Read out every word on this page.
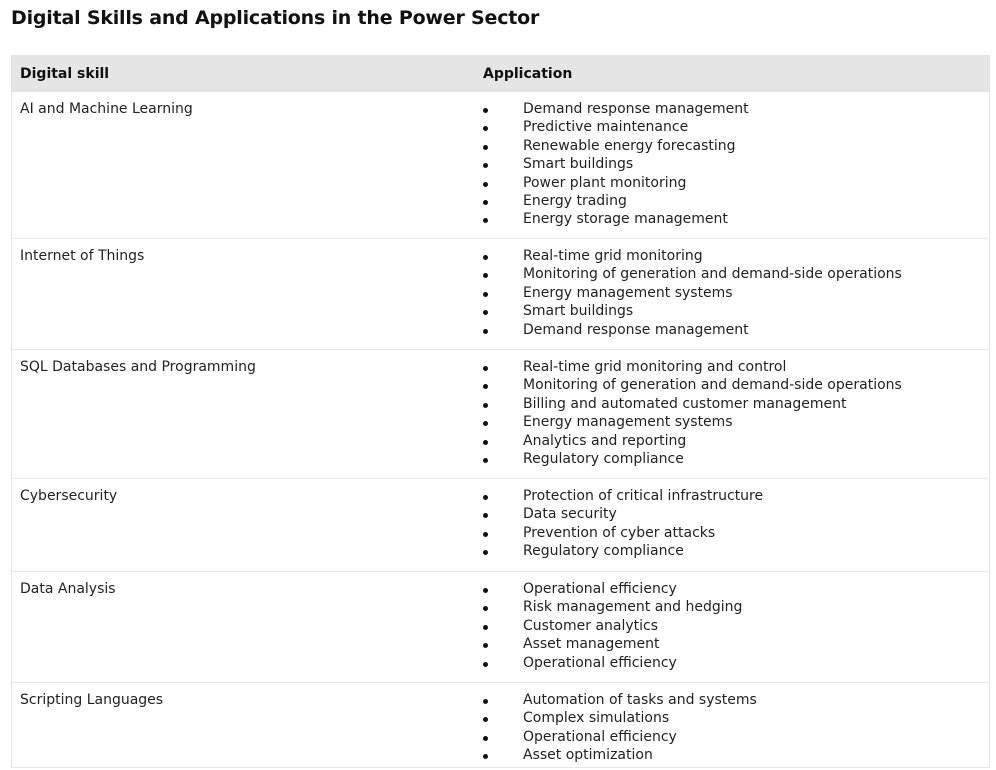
Digital Skills and Applications in the Power Sector
Digital skill	Application
AI and Machine Learning	Demand response management
Predictive maintenance
Renewable energy forecasting
Smart buildings
Power plant monitoring
Energy trading
Energy storage management
Internet of Things	Real-time grid monitoring
Monitoring of generation and demand-side operations
Energy management systems
Smart buildings
Demand response management
SQL Databases and Programming	Real-time grid monitoring and control
Monitoring of generation and demand-side operations
Billing and automated customer management
Energy management systems
Analytics and reporting
Regulatory compliance
Cybersecurity	Protection of critical infrastructure
Data security
Prevention of cyber attacks
Regulatory compliance
Data Analysis	Operational efficiency
Risk management and hedging
Customer analytics
Asset management
Operational efficiency
Scripting Languages	Automation of tasks and systems
Complex simulations
Operational efficiency
Asset optimization
